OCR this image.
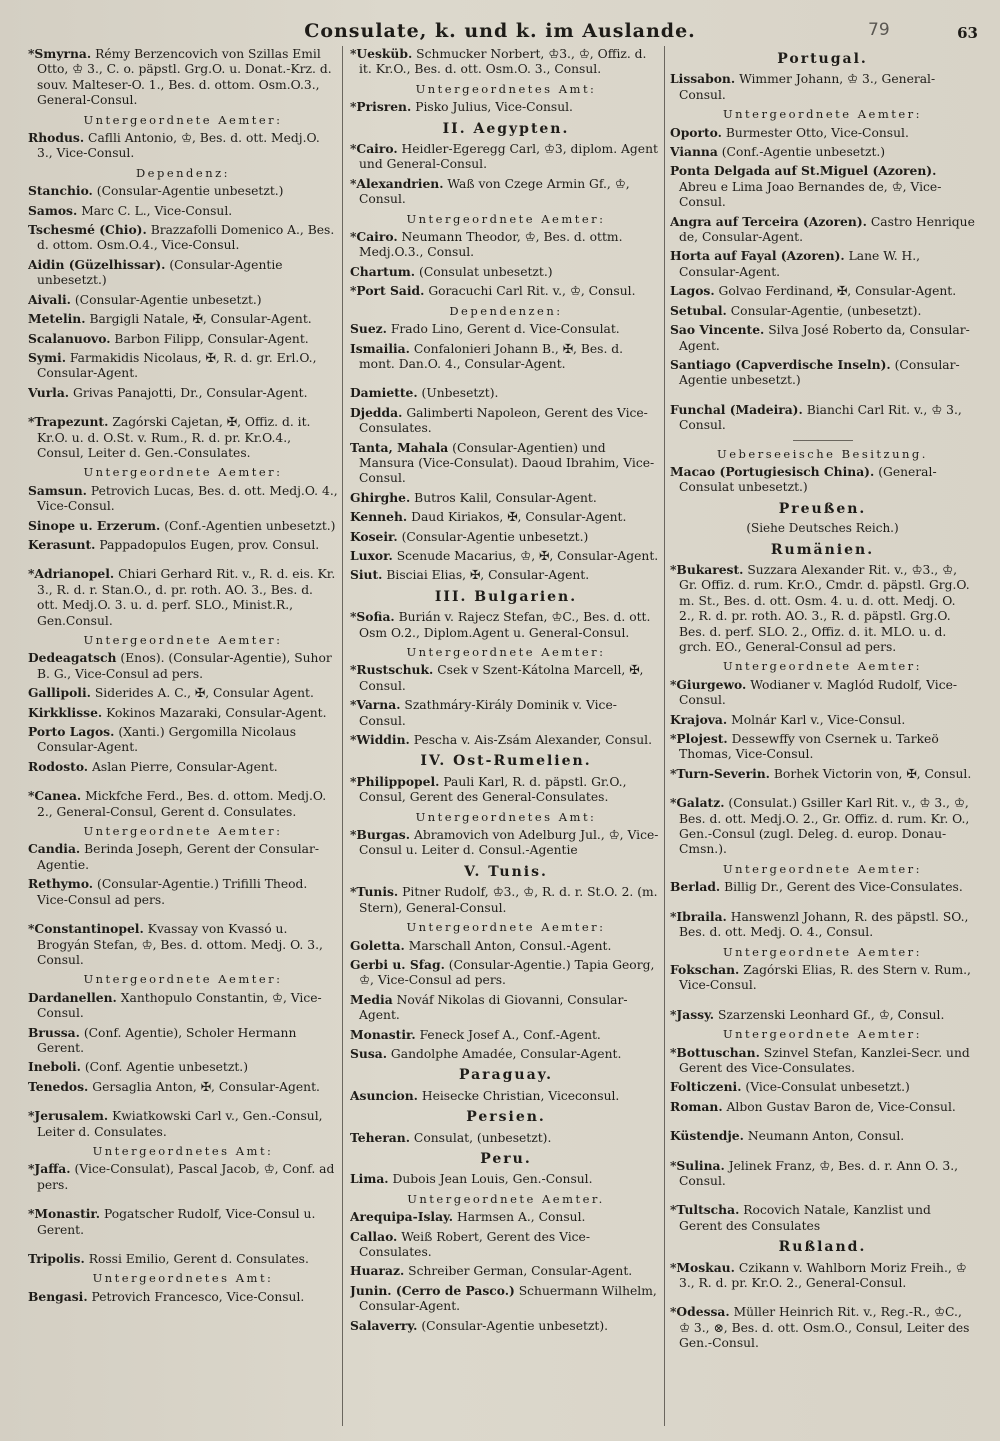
Consulate, k. und k. im Auslande.	79	63
*Smyrna. Rémy Berzencovich von Szillas Emil Otto, ♔ 3., C. o. päpstl. Grg.O. u. Donat.-Krz. d. souv. Malteser-O. 1., Bes. d. ottom. Osm.O.3., General-Consul.
Untergeordnete Aemter:
Rhodus. Caflli Antonio, ♔, Bes. d. ott. Medj.O. 3., Vice-Consul.
Dependenz:
Stanchio. (Consular-Agentie unbesetzt.)
Samos. Marc C. L., Vice-Consul.
Tschesmé (Chio). Brazzafolli Domenico A., Bes. d. ottom. Osm.O.4., Vice-Consul.
Aidin (Güzelhissar). (Consular-Agentie unbesetzt.)
Aivali. (Consular-Agentie unbesetzt.)
Metelin. Bargigli Natale, ✠, Consular-Agent.
Scalanuovo. Barbon Filipp, Consular-Agent.
Symi. Farmakidis Nicolaus, ✠, R. d. gr. Erl.O., Consular-Agent.
Vurla. Grivas Panajotti, Dr., Consular-Agent.
*Trapezunt. Zagórski Cajetan, ✠, Offiz. d. it. Kr.O. u. d. O.St. v. Rum., R. d. pr. Kr.O.4., Consul, Leiter d. Gen.-Consulates.
Untergeordnete Aemter:
Samsun. Petrovich Lucas, Bes. d. ott. Medj.O. 4., Vice-Consul.
Sinope u. Erzerum. (Conf.-Agentien unbesetzt.)
Kerasunt. Pappadopulos Eugen, prov. Consul.
*Adrianopel. Chiari Gerhard Rit. v., R. d. eis. Kr. 3., R. d. r. Stan.O., d. pr. roth. AO. 3., Bes. d. ott. Medj.O. 3. u. d. perf. SLO., Minist.R., Gen.Consul.
Untergeordnete Aemter:
Dedeagatsch (Enos). (Consular-Agentie), Suhor B. G., Vice-Consul ad pers.
Gallipoli. Siderides A. C., ✠, Consular Agent.
Kirkklisse. Kokinos Mazaraki, Consular-Agent.
Porto Lagos. (Xanti.) Gergomilla Nicolaus Consular-Agent.
Rodosto. Aslan Pierre, Consular-Agent.
*Canea. Mickfche Ferd., Bes. d. ottom. Medj.O. 2., General-Consul, Gerent d. Consulates.
Untergeordnete Aemter:
Candia. Berinda Joseph, Gerent der Consular-Agentie.
Rethymo. (Consular-Agentie.) Trifilli Theod. Vice-Consul ad pers.
*Constantinopel. Kvassay von Kvassó u. Brogyán Stefan, ♔, Bes. d. ottom. Medj. O. 3., Consul.
Untergeordnete Aemter:
Dardanellen. Xanthopulo Constantin, ♔, Vice-Consul.
Brussa. (Conf. Agentie), Scholer Hermann Gerent.
Ineboli. (Conf. Agentie unbesetzt.)
Tenedos. Gersaglia Anton, ✠, Consular-Agent.
*Jerusalem. Kwiatkowski Carl v., Gen.-Consul, Leiter d. Consulates.
Untergeordnetes Amt:
*Jaffa. (Vice-Consulat), Pascal Jacob, ♔, Conf. ad pers.
*Monastir. Pogatscher Rudolf, Vice-Consul u. Gerent.
Tripolis. Rossi Emilio, Gerent d. Consulates.
Untergeordnetes Amt:
Bengasi. Petrovich Francesco, Vice-Consul.
*Uesküb. Schmucker Norbert, ♔3., ♔, Offiz. d. it. Kr.O., Bes. d. ott. Osm.O. 3., Consul.
Untergeordnetes Amt:
*Prisren. Pisko Julius, Vice-Consul.
II. Aegypten.
*Cairo. Heidler-Egeregg Carl, ♔3, diplom. Agent und General-Consul.
*Alexandrien. Waß von Czege Armin Gf., ♔, Consul.
Untergeordnete Aemter:
*Cairo. Neumann Theodor, ♔, Bes. d. ottm. Medj.O.3., Consul.
Chartum. (Consulat unbesetzt.)
*Port Said. Goracuchi Carl Rit. v., ♔, Consul.
Dependenzen:
Suez. Frado Lino, Gerent d. Vice-Consulat.
Ismailia. Confalonieri Johann B., ✠, Bes. d. mont. Dan.O. 4., Consular-Agent.
Damiette. (Unbesetzt).
Djedda. Galimberti Napoleon, Gerent des Vice-Consulates.
Tanta, Mahala (Consular-Agentien) und Mansura (Vice-Consulat). Daoud Ibrahim, Vice-Consul.
Ghirghe. Butros Kalil, Consular-Agent.
Kenneh. Daud Kiriakos, ✠, Consular-Agent.
Koseir. (Consular-Agentie unbesetzt.)
Luxor. Scenude Macarius, ♔, ✠, Consular-Agent.
Siut. Bisciai Elias, ✠, Consular-Agent.
III. Bulgarien.
*Sofia. Burián v. Rajecz Stefan, ♔C., Bes. d. ott. Osm O.2., Diplom.Agent u. General-Consul.
Untergeordnete Aemter:
*Rustschuk. Csek v Szent-Kátolna Marcell, ✠, Consul.
*Varna. Szathmáry-Király Dominik v. Vice-Consul.
*Widdin. Pescha v. Ais-Zsám Alexander, Consul.
IV. Ost-Rumelien.
*Philippopel. Pauli Karl, R. d. päpstl. Gr.O., Consul, Gerent des General-Consulates.
Untergeordnetes Amt:
*Burgas. Abramovich von Adelburg Jul., ♔, Vice-Consul u. Leiter d. Consul.-Agentie
V. Tunis.
*Tunis. Pitner Rudolf, ♔3., ♔, R. d. r. St.O. 2. (m. Stern), General-Consul.
Untergeordnete Aemter:
Goletta. Marschall Anton, Consul.-Agent.
Gerbi u. Sfag. (Consular-Agentie.) Tapia Georg, ♔, Vice-Consul ad pers.
Media Nováf Nikolas di Giovanni, Consular-Agent.
Monastir. Feneck Josef A., Conf.-Agent.
Susa. Gandolphe Amadée, Consular-Agent.
Paraguay.
Asuncion. Heisecke Christian, Viceconsul.
Persien.
Teheran. Consulat, (unbesetzt).
Peru.
Lima. Dubois Jean Louis, Gen.-Consul.
Untergeordnete Aemter.
Arequipa-Islay. Harmsen A., Consul.
Callao. Weiß Robert, Gerent des Vice-Consulates.
Huaraz. Schreiber German, Consular-Agent.
Junin. (Cerro de Pasco.) Schuermann Wilhelm, Consular-Agent.
Salaverry. (Consular-Agentie unbesetzt).
Portugal.
Lissabon. Wimmer Johann, ♔ 3., General-Consul.
Untergeordnete Aemter:
Oporto. Burmester Otto, Vice-Consul.
Vianna (Conf.-Agentie unbesetzt.)
Ponta Delgada auf St.Miguel (Azoren). Abreu e Lima Joao Bernandes de, ♔, Vice-Consul.
Angra auf Terceira (Azoren). Castro Henrique de, Consular-Agent.
Horta auf Fayal (Azoren). Lane W. H., Consular-Agent.
Lagos. Golvao Ferdinand, ✠, Consular-Agent.
Setubal. Consular-Agentie, (unbesetzt).
Sao Vincente. Silva José Roberto da, Consular-Agent.
Santiago (Capverdische Inseln). (Consular-Agentie unbesetzt.)
Funchal (Madeira). Bianchi Carl Rit. v., ♔ 3., Consul.
Ueberseeische Besitzung.
Macao (Portugiesisch China). (General-Consulat unbesetzt.)
Preußen.
(Siehe Deutsches Reich.)
Rumänien.
*Bukarest. Suzzara Alexander Rit. v., ♔3., ♔, Gr. Offiz. d. rum. Kr.O., Cmdr. d. päpstl. Grg.O. m. St., Bes. d. ott. Osm. 4. u. d. ott. Medj. O. 2., R. d. pr. roth. AO. 3., R. d. päpstl. Grg.O. Bes. d. perf. SLO. 2., Offiz. d. it. MLO. u. d. grch. EO., General-Consul ad pers.
Untergeordnete Aemter:
*Giurgewo. Wodianer v. Maglód Rudolf, Vice-Consul.
Krajova. Molnár Karl v., Vice-Consul.
*Plojest. Dessewffy von Csernek u. Tarkeö Thomas, Vice-Consul.
*Turn-Severin. Borhek Victorin von, ✠, Consul.
*Galatz. (Consulat.) Gsiller Karl Rit. v., ♔ 3., ♔, Bes. d. ott. Medj.O. 2., Gr. Offiz. d. rum. Kr. O., Gen.-Consul (zugl. Deleg. d. europ. Donau-Cmsn.).
Untergeordnete Aemter:
Berlad. Billig Dr., Gerent des Vice-Consulates.
*Ibraila. Hanswenzl Johann, R. des päpstl. SO., Bes. d. ott. Medj. O. 4., Consul.
Untergeordnete Aemter:
Fokschan. Zagórski Elias, R. des Stern v. Rum., Vice-Consul.
*Jassy. Szarzenski Leonhard Gf., ♔, Consul.
Untergeordnete Aemter:
*Bottuschan. Szinvel Stefan, Kanzlei-Secr. und Gerent des Vice-Consulates.
Folticzeni. (Vice-Consulat unbesetzt.)
Roman. Albon Gustav Baron de, Vice-Consul.
Küstendje. Neumann Anton, Consul.
*Sulina. Jelinek Franz, ♔, Bes. d. r. Ann O. 3., Consul.
*Tultscha. Rocovich Natale, Kanzlist und Gerent des Consulates
Rußland.
*Moskau. Czikann v. Wahlborn Moriz Freih., ♔ 3., R. d. pr. Kr.O. 2., General-Consul.
*Odessa. Müller Heinrich Rit. v., Reg.-R., ♔C., ♔ 3., ⊗, Bes. d. ott. Osm.O., Consul, Leiter des Gen.-Consul.
